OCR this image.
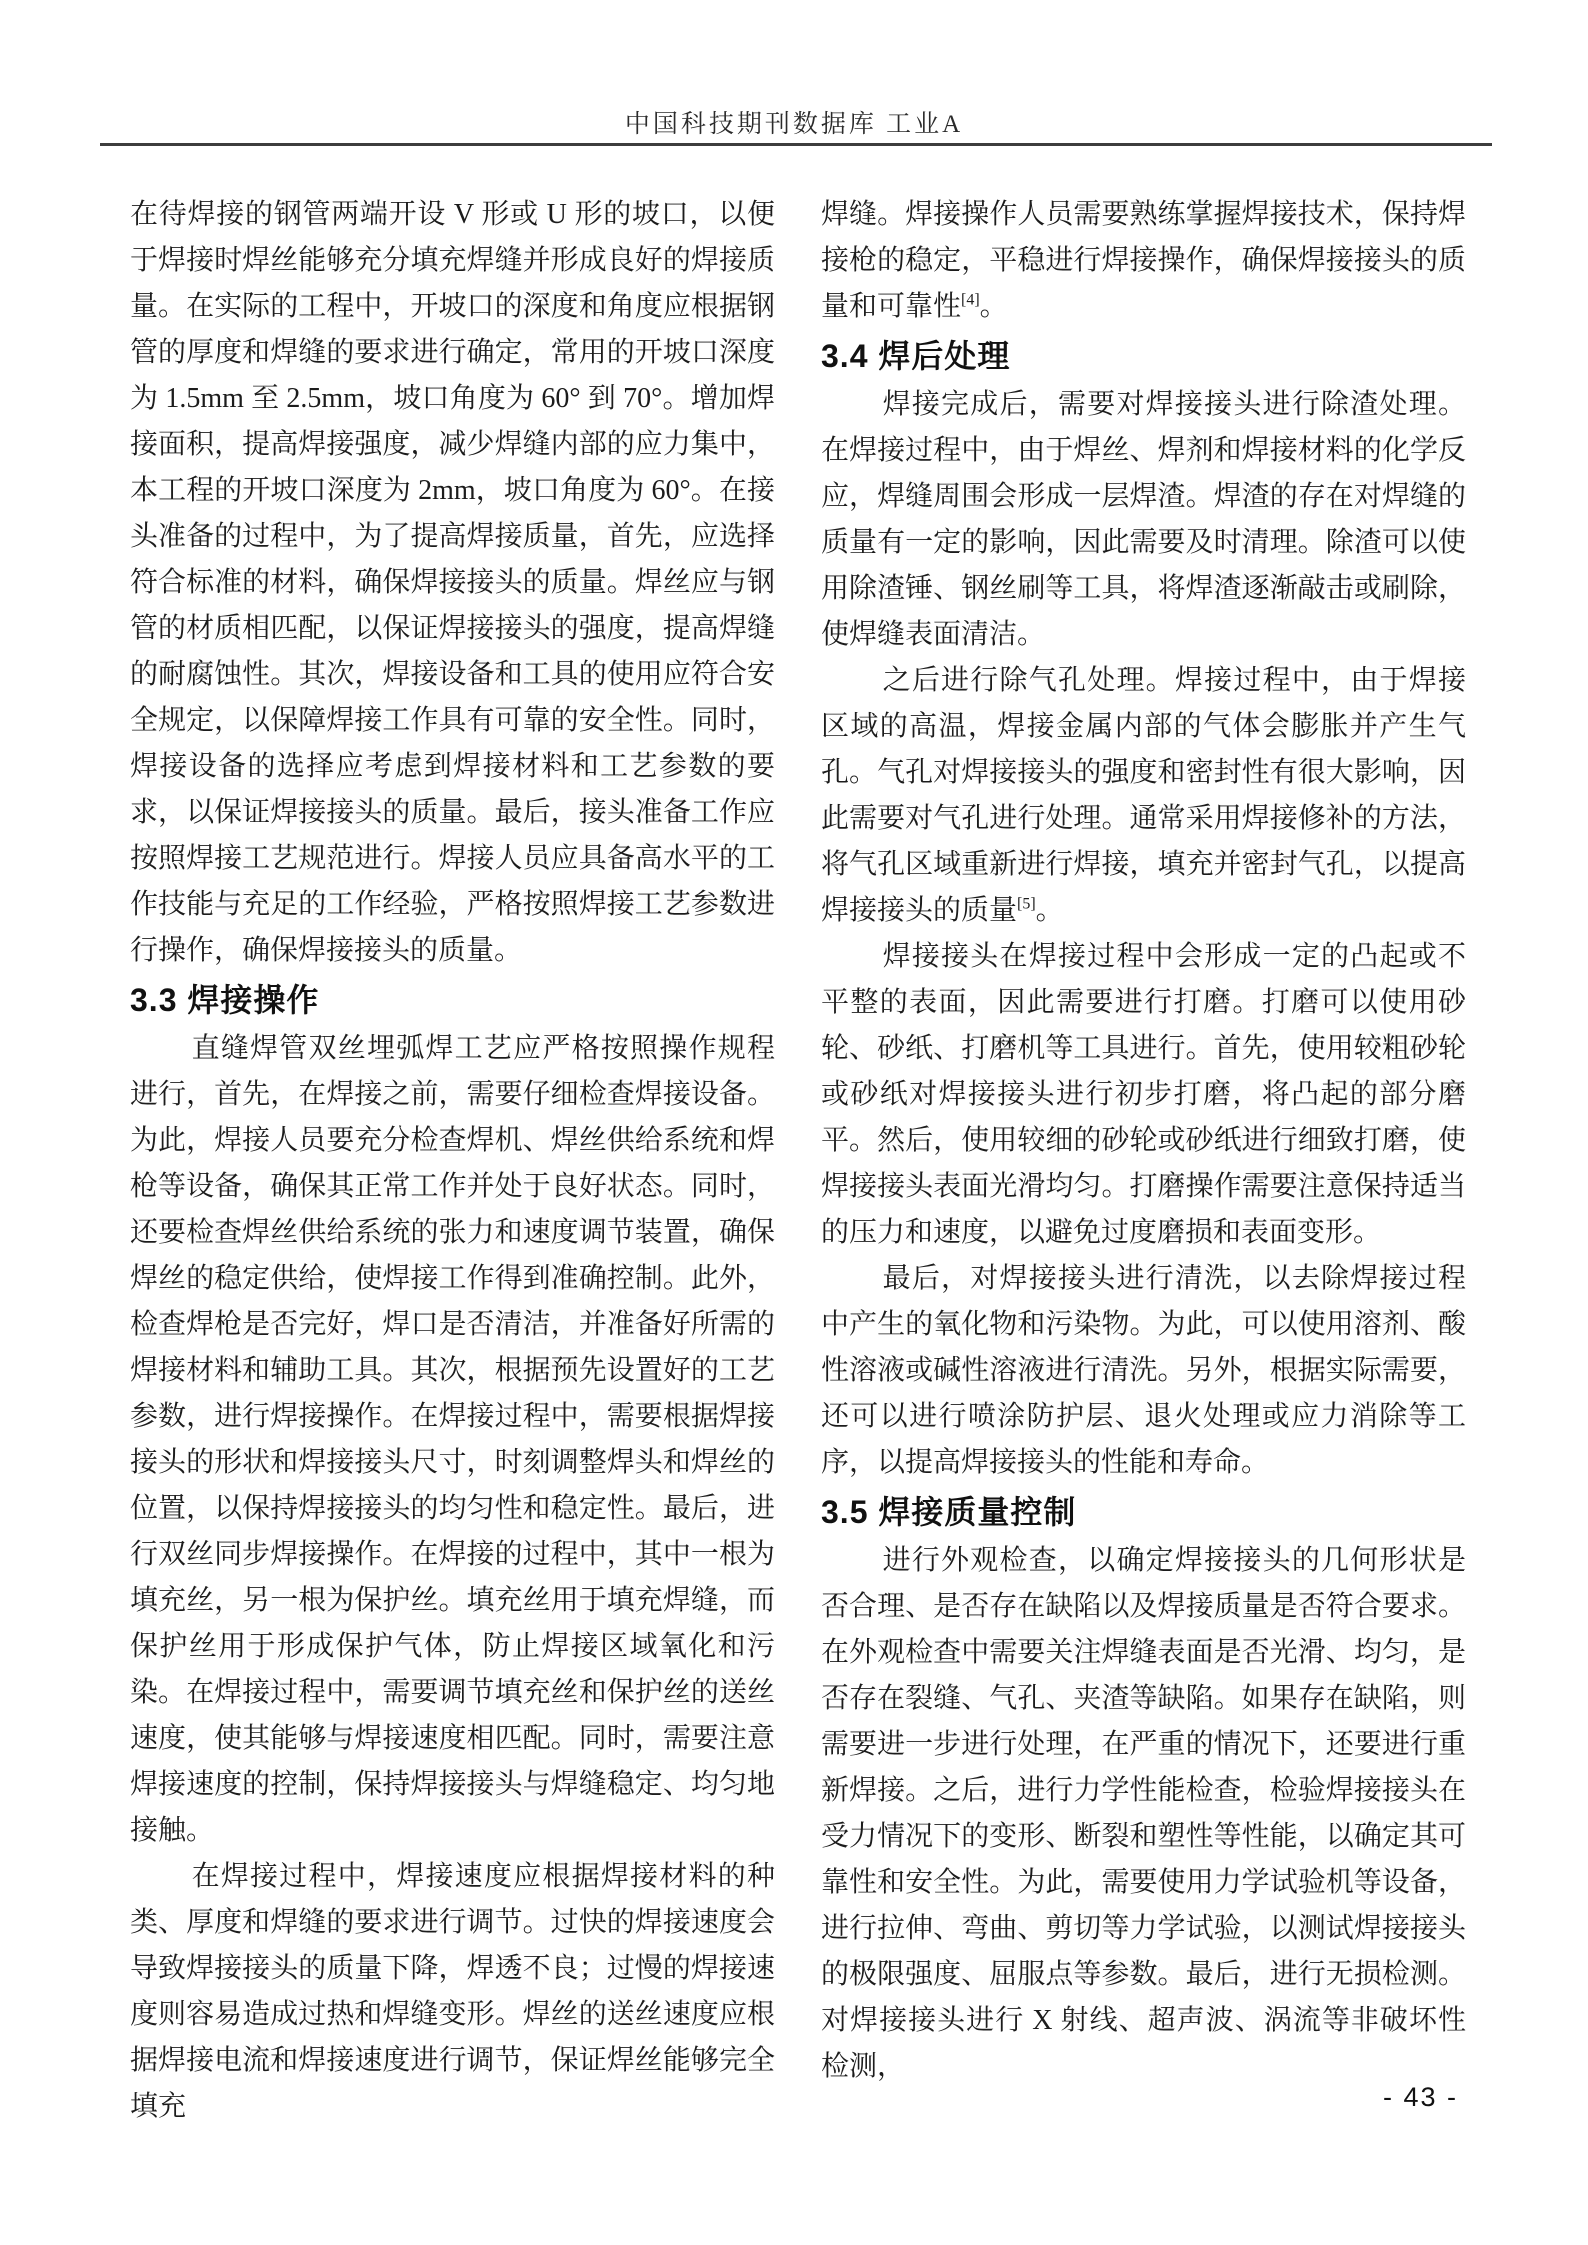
中国科技期刊数据库 工业A

在待焊接的钢管两端开设 V 形或 U 形的坡口，以便于焊接时焊丝能够充分填充焊缝并形成良好的焊接质量。在实际的工程中，开坡口的深度和角度应根据钢管的厚度和焊缝的要求进行确定，常用的开坡口深度为 1.5mm 至 2.5mm，坡口角度为 60° 到 70°。增加焊接面积，提高焊接强度，减少焊缝内部的应力集中，本工程的开坡口深度为 2mm，坡口角度为 60°。在接头准备的过程中，为了提高焊接质量，首先，应选择符合标准的材料，确保焊接接头的质量。焊丝应与钢管的材质相匹配，以保证焊接接头的强度，提高焊缝的耐腐蚀性。其次，焊接设备和工具的使用应符合安全规定，以保障焊接工作具有可靠的安全性。同时，焊接设备的选择应考虑到焊接材料和工艺参数的要求，以保证焊接接头的质量。最后，接头准备工作应按照焊接工艺规范进行。焊接人员应具备高水平的工作技能与充足的工作经验，严格按照焊接工艺参数进行操作，确保焊接接头的质量。

3.3 焊接操作

直缝焊管双丝埋弧焊工艺应严格按照操作规程进行，首先，在焊接之前，需要仔细检查焊接设备。为此，焊接人员要充分检查焊机、焊丝供给系统和焊枪等设备，确保其正常工作并处于良好状态。同时，还要检查焊丝供给系统的张力和速度调节装置，确保焊丝的稳定供给，使焊接工作得到准确控制。此外，检查焊枪是否完好，焊口是否清洁，并准备好所需的焊接材料和辅助工具。其次，根据预先设置好的工艺参数，进行焊接操作。在焊接过程中，需要根据焊接接头的形状和焊接接头尺寸，时刻调整焊头和焊丝的位置，以保持焊接接头的均匀性和稳定性。最后，进行双丝同步焊接操作。在焊接的过程中，其中一根为填充丝，另一根为保护丝。填充丝用于填充焊缝，而保护丝用于形成保护气体，防止焊接区域氧化和污染。在焊接过程中，需要调节填充丝和保护丝的送丝速度，使其能够与焊接速度相匹配。同时，需要注意焊接速度的控制，保持焊接接头与焊缝稳定、均匀地接触。

在焊接过程中，焊接速度应根据焊接材料的种类、厚度和焊缝的要求进行调节。过快的焊接速度会导致焊接接头的质量下降，焊透不良；过慢的焊接速度则容易造成过热和焊缝变形。焊丝的送丝速度应根据焊接电流和焊接速度进行调节，保证焊丝能够完全填充

焊缝。焊接操作人员需要熟练掌握焊接技术，保持焊接枪的稳定，平稳进行焊接操作，确保焊接接头的质量和可靠性[4]。

3.4 焊后处理

焊接完成后，需要对焊接接头进行除渣处理。在焊接过程中，由于焊丝、焊剂和焊接材料的化学反应，焊缝周围会形成一层焊渣。焊渣的存在对焊缝的质量有一定的影响，因此需要及时清理。除渣可以使用除渣锤、钢丝刷等工具，将焊渣逐渐敲击或刷除，使焊缝表面清洁。

之后进行除气孔处理。焊接过程中，由于焊接区域的高温，焊接金属内部的气体会膨胀并产生气孔。气孔对焊接接头的强度和密封性有很大影响，因此需要对气孔进行处理。通常采用焊接修补的方法，将气孔区域重新进行焊接，填充并密封气孔，以提高焊接接头的质量[5]。

焊接接头在焊接过程中会形成一定的凸起或不平整的表面，因此需要进行打磨。打磨可以使用砂轮、砂纸、打磨机等工具进行。首先，使用较粗砂轮或砂纸对焊接接头进行初步打磨，将凸起的部分磨平。然后，使用较细的砂轮或砂纸进行细致打磨，使焊接接头表面光滑均匀。打磨操作需要注意保持适当的压力和速度，以避免过度磨损和表面变形。

最后，对焊接接头进行清洗，以去除焊接过程中产生的氧化物和污染物。为此，可以使用溶剂、酸性溶液或碱性溶液进行清洗。另外，根据实际需要，还可以进行喷涂防护层、退火处理或应力消除等工序，以提高焊接接头的性能和寿命。

3.5 焊接质量控制

进行外观检查，以确定焊接接头的几何形状是否合理、是否存在缺陷以及焊接质量是否符合要求。在外观检查中需要关注焊缝表面是否光滑、均匀，是否存在裂缝、气孔、夹渣等缺陷。如果存在缺陷，则需要进一步进行处理，在严重的情况下，还要进行重新焊接。之后，进行力学性能检查，检验焊接接头在受力情况下的变形、断裂和塑性等性能，以确定其可靠性和安全性。为此，需要使用力学试验机等设备，进行拉伸、弯曲、剪切等力学试验，以测试焊接接头的极限强度、屈服点等参数。最后，进行无损检测。对焊接接头进行 X 射线、超声波、涡流等非破坏性检测，

- 43 -
